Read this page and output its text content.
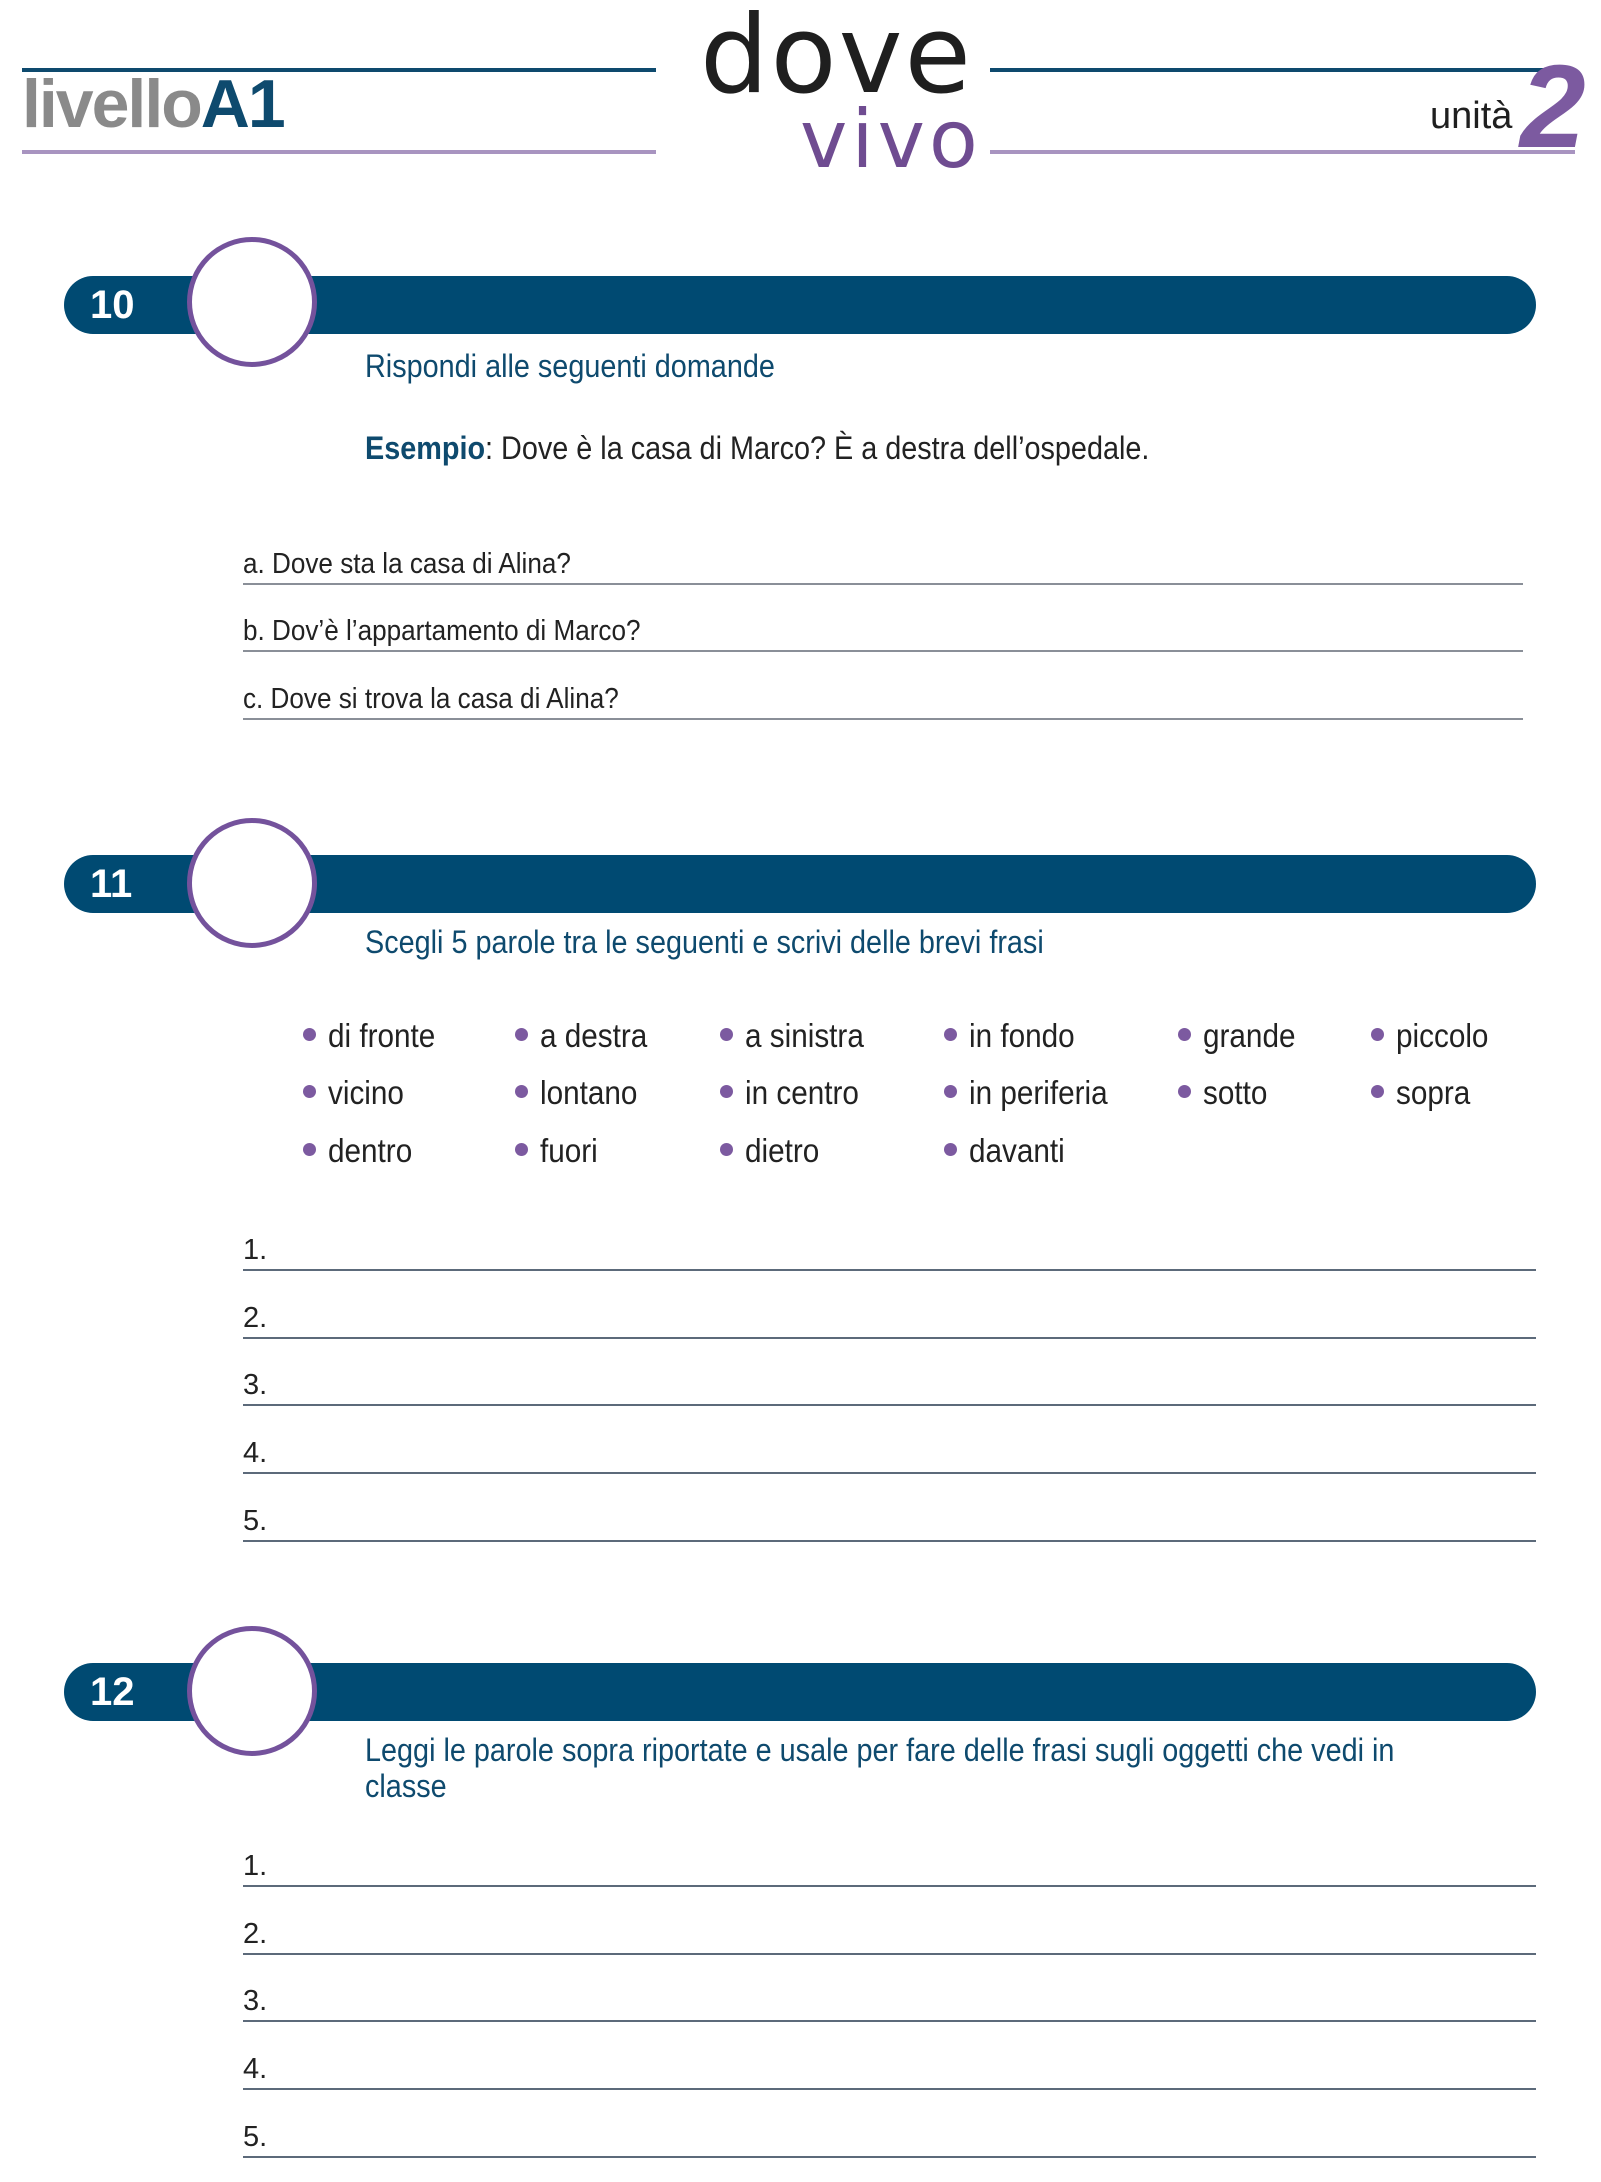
livelloA1	dove
vivo	unità 2
10
Rispondi alle seguenti domande
Esempio: Dove è la casa di Marco? È a destra dell’ospedale.
a. Dove sta la casa di Alina?
b. Dov’è l’appartamento di Marco?
c. Dove si trova la casa di Alina?
11
Scegli 5 parole tra le seguenti e scrivi delle brevi frasi
di fronte	a destra	a sinistra	in fondo	grande	piccolo
vicino	lontano	in centro	in periferia	sotto	sopra
dentro	fuori	dietro	davanti
1.
2.
3.
4.
5.
12
Leggi le parole sopra riportate e usale per fare delle frasi sugli oggetti che vedi in classe
1.
2.
3.
4.
5.
